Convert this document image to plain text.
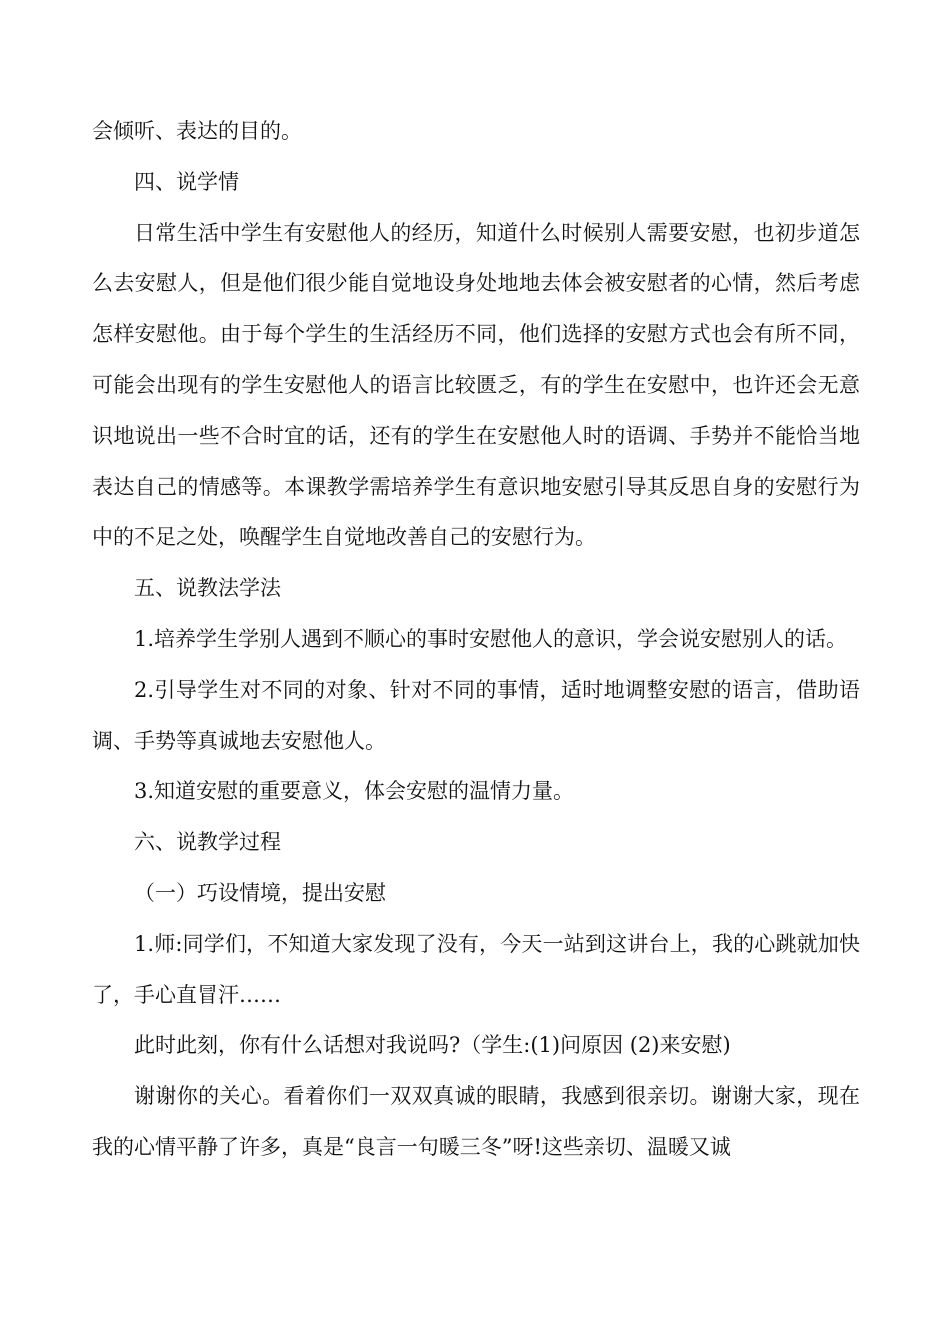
会倾听、表达的目的。

四、说学情

日常生活中学生有安慰他人的经历，知道什么时候别人需要安慰，也初步道怎么去安慰人，但是他们很少能自觉地设身处地地去体会被安慰者的心情，然后考虑怎样安慰他。由于每个学生的生活经历不同，他们选择的安慰方式也会有所不同，可能会出现有的学生安慰他人的语言比较匮乏，有的学生在安慰中，也许还会无意识地说出一些不合时宜的话，还有的学生在安慰他人时的语调、手势并不能恰当地表达自己的情感等。本课教学需培养学生有意识地安慰引导其反思自身的安慰行为中的不足之处，唤醒学生自觉地改善自己的安慰行为。

五、说教法学法

1.培养学生学别人遇到不顺心的事时安慰他人的意识，学会说安慰别人的话。

2.引导学生对不同的对象、针对不同的事情，适时地调整安慰的语言，借助语调、手势等真诚地去安慰他人。

3.知道安慰的重要意义，体会安慰的温情力量。

六、说教学过程

（一）巧设情境，提出安慰

1.师:同学们，不知道大家发现了没有，今天一站到这讲台上，我的心跳就加快了，手心直冒汗……

此时此刻，你有什么话想对我说吗?（学生:(1)问原因 (2)来安慰)

谢谢你的关心。看着你们一双双真诚的眼睛，我感到很亲切。谢谢大家，现在我的心情平静了许多，真是“良言一句暖三冬”呀!这些亲切、温暖又诚
